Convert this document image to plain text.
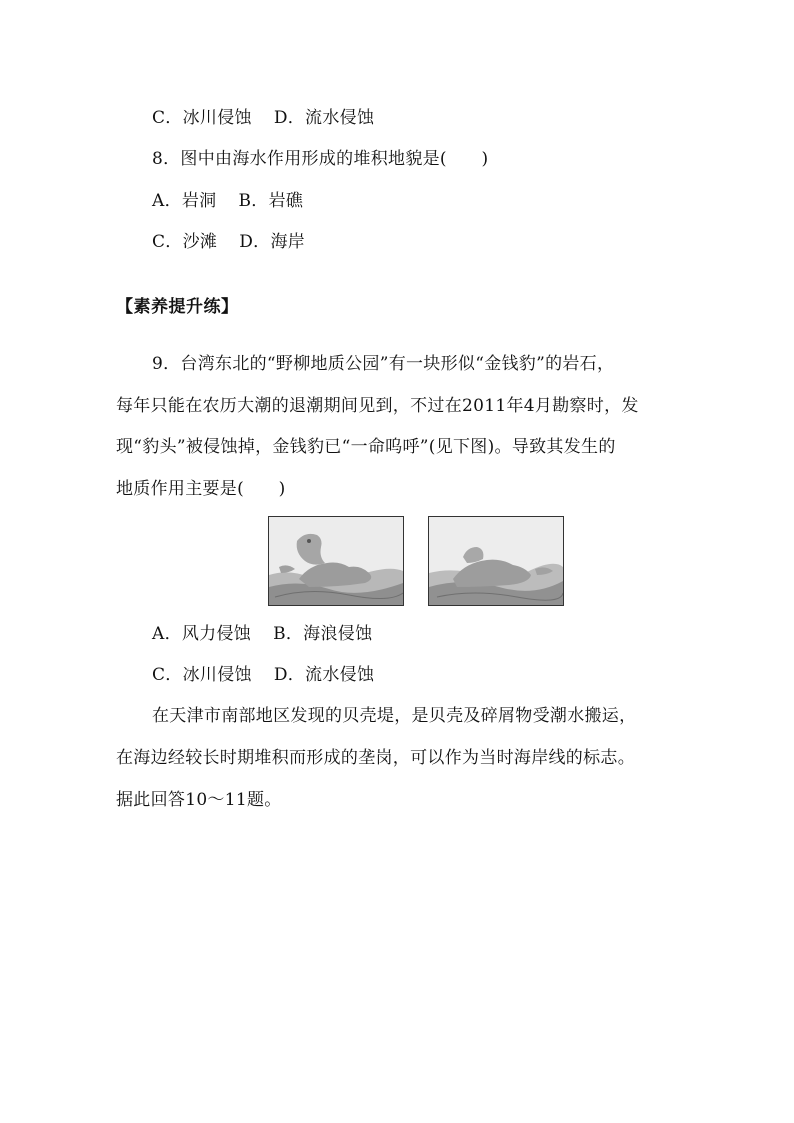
C．冰川侵蚀 D．流水侵蚀
8．图中由海水作用形成的堆积地貌是(　　)
A．岩洞 B．岩礁
C．沙滩 D．海岸
【素养提升练】
9．台湾东北的“野柳地质公园”有一块形似“金钱豹”的岩石，
每年只能在农历大潮的退潮期间见到，不过在2011年4月勘察时，发
现“豹头”被侵蚀掉，金钱豹已“一命呜呼”(见下图)。导致其发生的
地质作用主要是(　　)
A．风力侵蚀 B．海浪侵蚀
C．冰川侵蚀 D．流水侵蚀
在天津市南部地区发现的贝壳堤，是贝壳及碎屑物受潮水搬运，
在海边经较长时期堆积而形成的垄岗，可以作为当时海岸线的标志。
据此回答10～11题。
